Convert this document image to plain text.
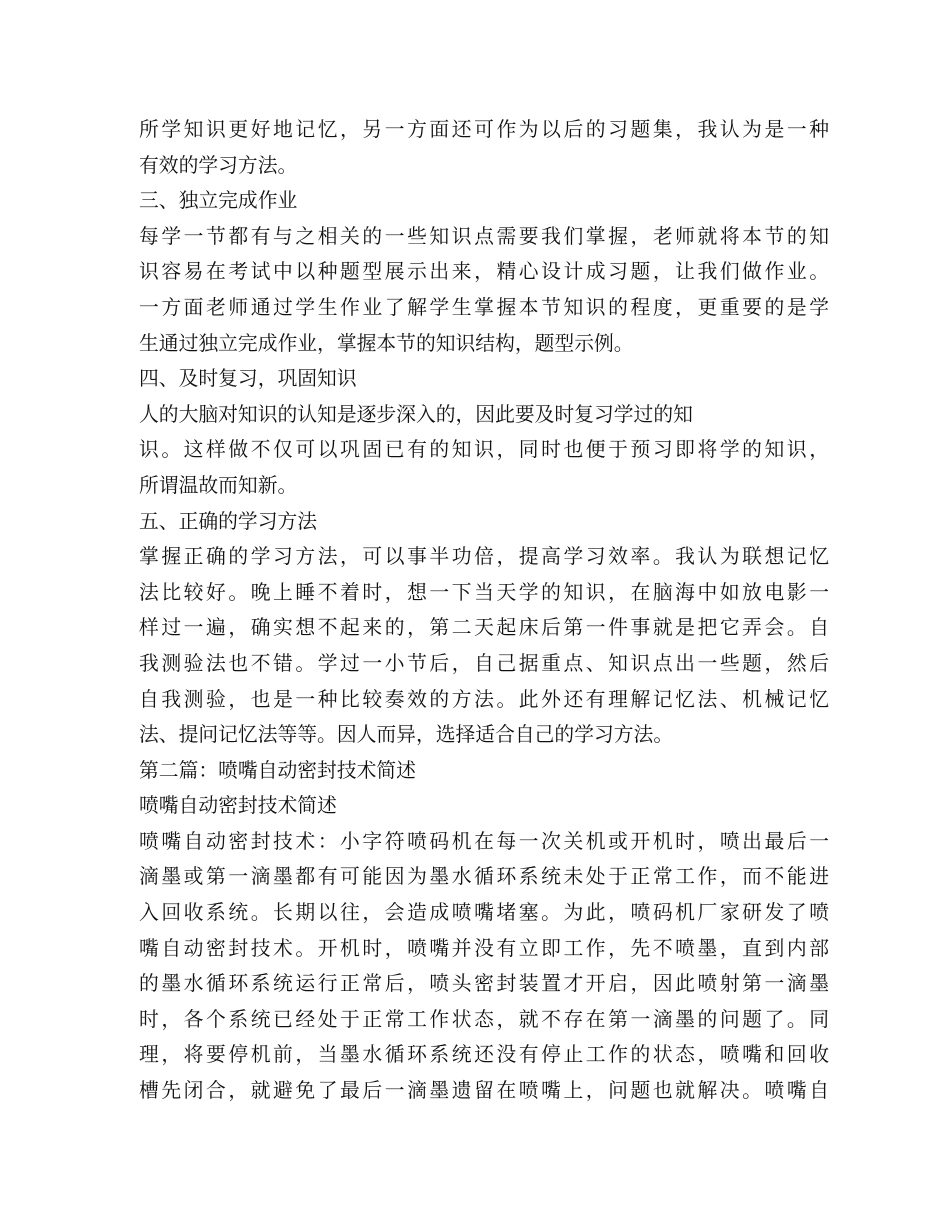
所学知识更好地记忆，另一方面还可作为以后的习题集，我认为是一种
有效的学习方法。
三、独立完成作业
每学一节都有与之相关的一些知识点需要我们掌握，老师就将本节的知
识容易在考试中以种题型展示出来，精心设计成习题，让我们做作业。
一方面老师通过学生作业了解学生掌握本节知识的程度，更重要的是学
生通过独立完成作业，掌握本节的知识结构，题型示例。
四、及时复习，巩固知识
人的大脑对知识的认知是逐步深入的，因此要及时复习学过的知
识。这样做不仅可以巩固已有的知识，同时也便于预习即将学的知识，
所谓温故而知新。
五、正确的学习方法
掌握正确的学习方法，可以事半功倍，提高学习效率。我认为联想记忆
法比较好。晚上睡不着时，想一下当天学的知识，在脑海中如放电影一
样过一遍，确实想不起来的，第二天起床后第一件事就是把它弄会。自
我测验法也不错。学过一小节后，自己据重点、知识点出一些题，然后
自我测验，也是一种比较奏效的方法。此外还有理解记忆法、机械记忆
法、提问记忆法等等。因人而异，选择适合自己的学习方法。
第二篇：喷嘴自动密封技术简述
喷嘴自动密封技术简述
喷嘴自动密封技术：小字符喷码机在每一次关机或开机时，喷出最后一
滴墨或第一滴墨都有可能因为墨水循环系统未处于正常工作，而不能进
入回收系统。长期以往，会造成喷嘴堵塞。为此，喷码机厂家研发了喷
嘴自动密封技术。开机时，喷嘴并没有立即工作，先不喷墨，直到内部
的墨水循环系统运行正常后，喷头密封装置才开启，因此喷射第一滴墨
时，各个系统已经处于正常工作状态，就不存在第一滴墨的问题了。同
理，将要停机前，当墨水循环系统还没有停止工作的状态，喷嘴和回收
槽先闭合，就避免了最后一滴墨遗留在喷嘴上，问题也就解决。喷嘴自
